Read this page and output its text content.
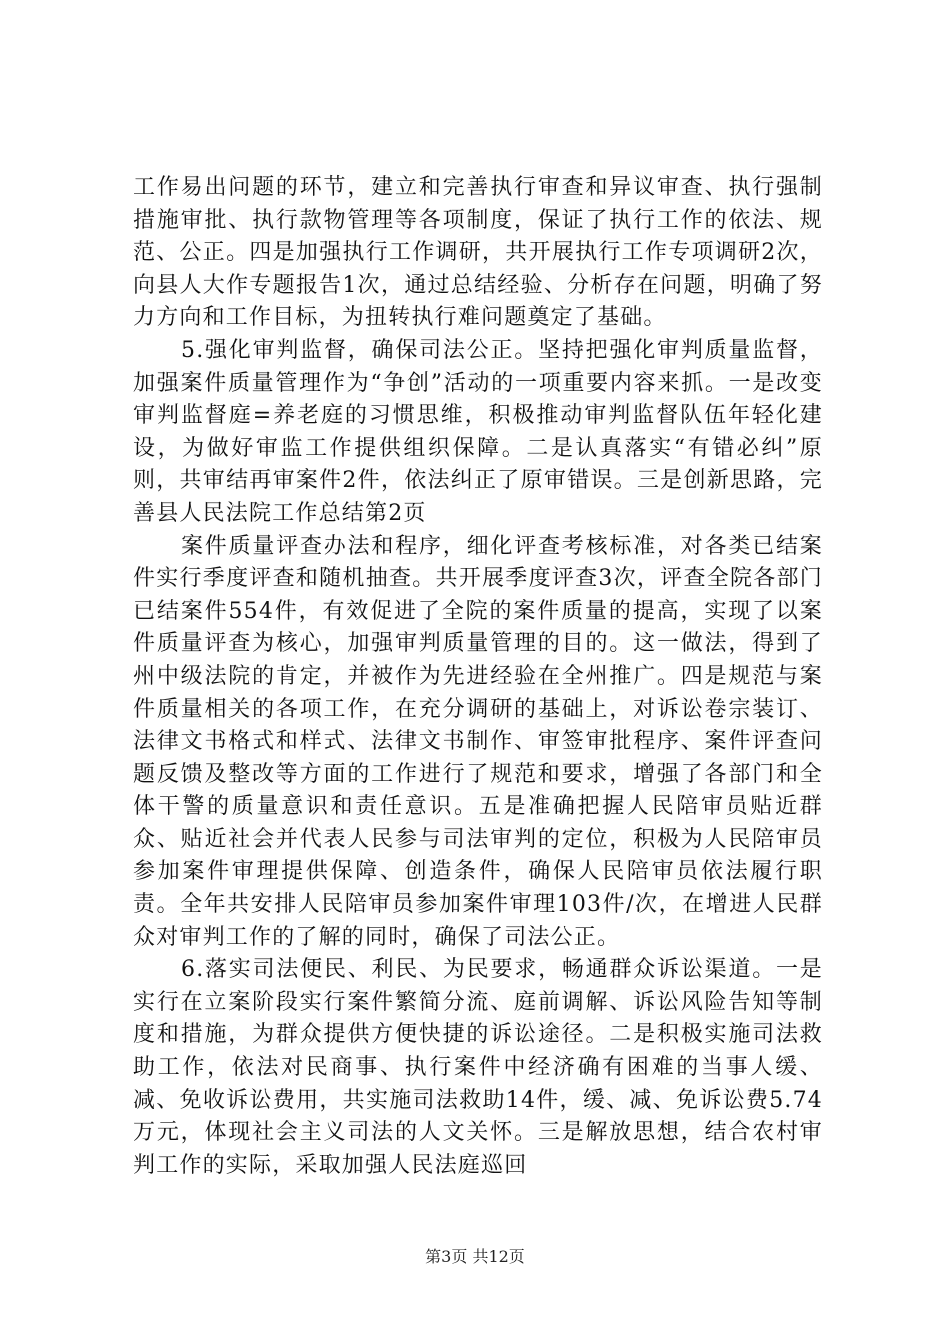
工作易出问题的环节，建立和完善执行审查和异议审查、执行强制措施审批、执行款物管理等各项制度，保证了执行工作的依法、规范、公正。四是加强执行工作调研，共开展执行工作专项调研2次，向县人大作专题报告1次，通过总结经验、分析存在问题，明确了努力方向和工作目标，为扭转执行难问题奠定了基础。

5.强化审判监督，确保司法公正。坚持把强化审判质量监督，加强案件质量管理作为“争创”活动的一项重要内容来抓。一是改变审判监督庭=养老庭的习惯思维，积极推动审判监督队伍年轻化建设，为做好审监工作提供组织保障。二是认真落实“有错必纠”原则，共审结再审案件2件，依法纠正了原审错误。三是创新思路，完善县人民法院工作总结第2页

案件质量评查办法和程序，细化评查考核标准，对各类已结案件实行季度评查和随机抽查。共开展季度评查3次，评查全院各部门已结案件554件，有效促进了全院的案件质量的提高，实现了以案件质量评查为核心，加强审判质量管理的目的。这一做法，得到了州中级法院的肯定，并被作为先进经验在全州推广。四是规范与案件质量相关的各项工作，在充分调研的基础上，对诉讼卷宗装订、法律文书格式和样式、法律文书制作、审签审批程序、案件评查问题反馈及整改等方面的工作进行了规范和要求，增强了各部门和全体干警的质量意识和责任意识。五是准确把握人民陪审员贴近群众、贴近社会并代表人民参与司法审判的定位，积极为人民陪审员参加案件审理提供保障、创造条件，确保人民陪审员依法履行职责。全年共安排人民陪审员参加案件审理103件/次，在增进人民群众对审判工作的了解的同时，确保了司法公正。

6.落实司法便民、利民、为民要求，畅通群众诉讼渠道。一是实行在立案阶段实行案件繁简分流、庭前调解、诉讼风险告知等制度和措施，为群众提供方便快捷的诉讼途径。二是积极实施司法救助工作，依法对民商事、执行案件中经济确有困难的当事人缓、减、免收诉讼费用，共实施司法救助14件，缓、减、免诉讼费5.74万元，体现社会主义司法的人文关怀。三是解放思想，结合农村审判工作的实际，采取加强人民法庭巡回

第3页 共12页
